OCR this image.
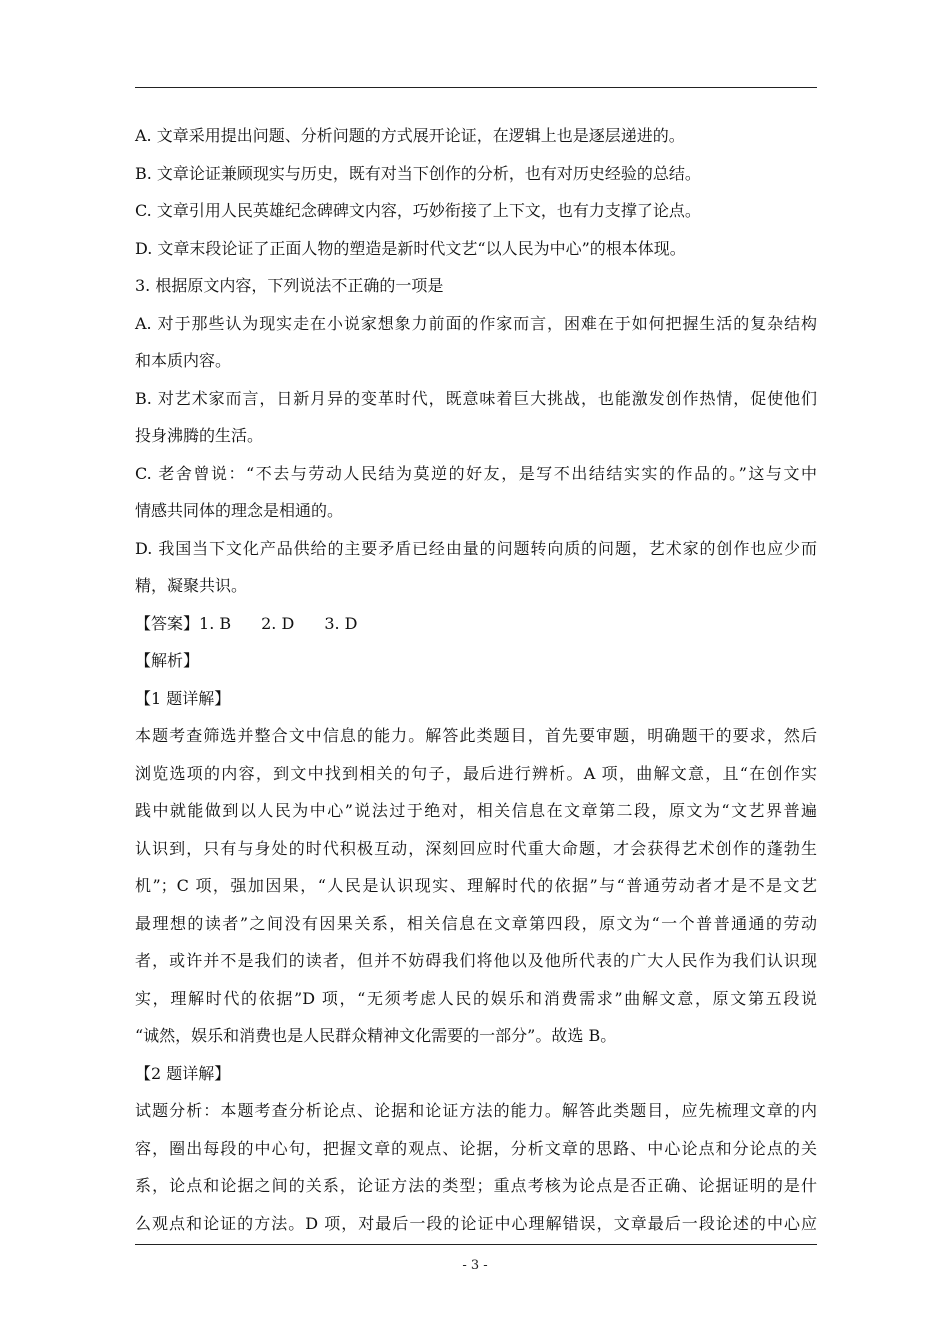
A. 文章采用提出问题、分析问题的方式展开论证，在逻辑上也是逐层递进的。
B. 文章论证兼顾现实与历史，既有对当下创作的分析，也有对历史经验的总结。
C. 文章引用人民英雄纪念碑碑文内容，巧妙衔接了上下文，也有力支撑了论点。
D. 文章末段论证了正面人物的塑造是新时代文艺“以人民为中心”的根本体现。
3. 根据原文内容，下列说法不正确的一项是
A. 对于那些认为现实走在小说家想象力前面的作家而言，困难在于如何把握生活的复杂结构
和本质内容。
B. 对艺术家而言，日新月异的变革时代，既意味着巨大挑战，也能激发创作热情，促使他们
投身沸腾的生活。
C. 老舍曾说：“不去与劳动人民结为莫逆的好友，是写不出结结实实的作品的。”这与文中
情感共同体的理念是相通的。
D. 我国当下文化产品供给的主要矛盾已经由量的问题转向质的问题，艺术家的创作也应少而
精，凝聚共识。
【答案】1. B 2. D 3. D
【解析】
【1 题详解】
本题考查筛选并整合文中信息的能力。解答此类题目，首先要审题，明确题干的要求，然后
浏览选项的内容，到文中找到相关的句子，最后进行辨析。A 项，曲解文意，且“在创作实
践中就能做到以人民为中心”说法过于绝对，相关信息在文章第二段，原文为“文艺界普遍
认识到，只有与身处的时代积极互动，深刻回应时代重大命题，才会获得艺术创作的蓬勃生
机”；C 项，强加因果，“人民是认识现实、理解时代的依据”与“普通劳动者才是不是文艺
最理想的读者”之间没有因果关系，相关信息在文章第四段，原文为“一个普普通通的劳动
者，或许并不是我们的读者，但并不妨碍我们将他以及他所代表的广大人民作为我们认识现
实，理解时代的依据”D 项，“无须考虑人民的娱乐和消费需求”曲解文意，原文第五段说
“诚然，娱乐和消费也是人民群众精神文化需要的一部分”。故选 B。
【2 题详解】
试题分析：本题考查分析论点、论据和论证方法的能力。解答此类题目，应先梳理文章的内
容，圈出每段的中心句，把握文章的观点、论据，分析文章的思路、中心论点和分论点的关
系，论点和论据之间的关系，论证方法的类型；重点考核为论点是否正确、论据证明的是什
么观点和论证的方法。D 项，对最后一段的论证中心理解错误，文章最后一段论述的中心应
- 3 -
